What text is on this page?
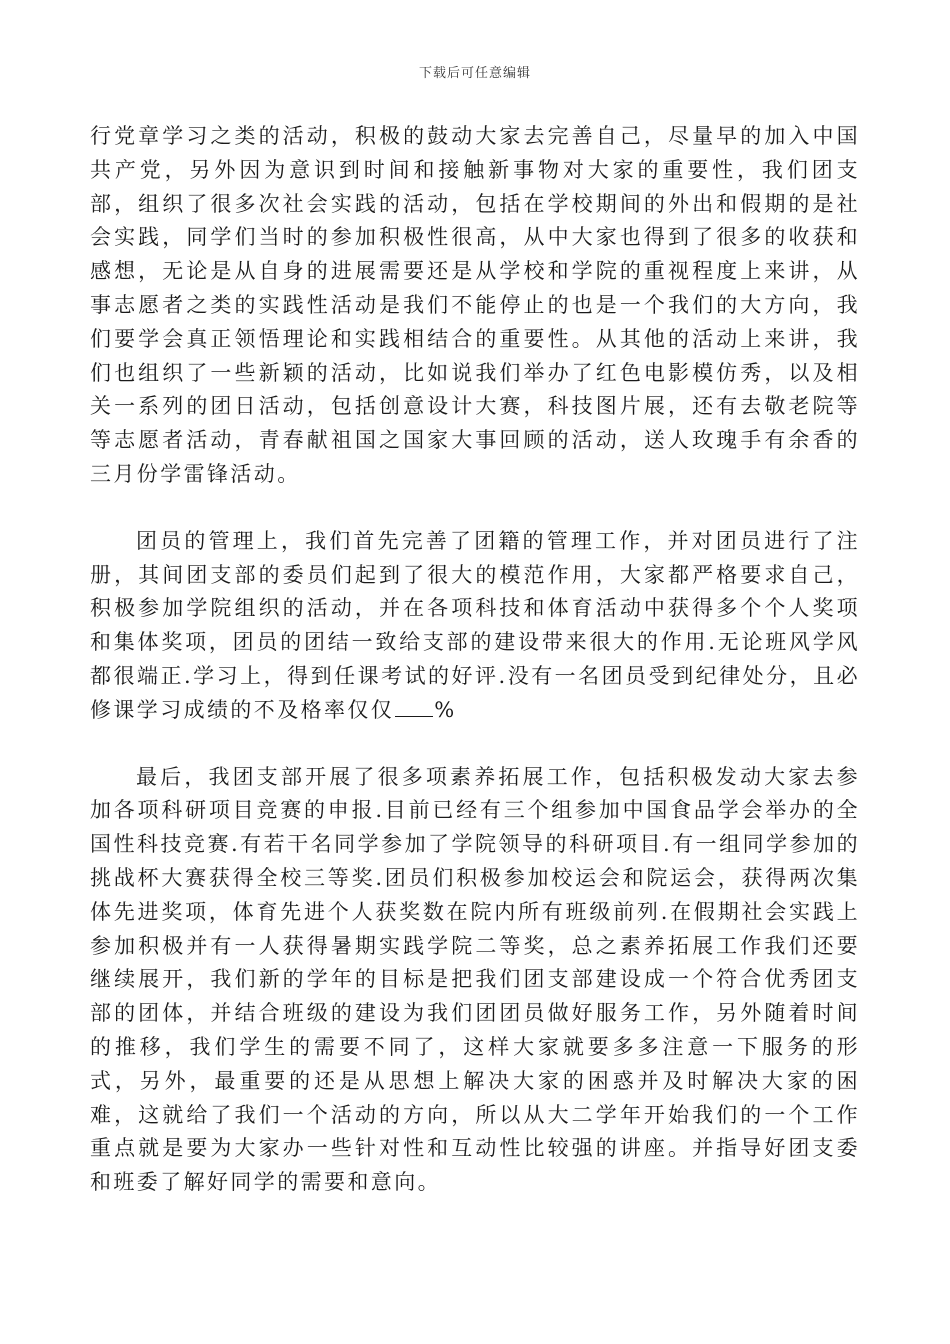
下载后可任意编辑

行党章学习之类的活动，积极的鼓动大家去完善自己，尽量早的加入中国共产党，另外因为意识到时间和接触新事物对大家的重要性，我们团支部，组织了很多次社会实践的活动，包括在学校期间的外出和假期的是社会实践，同学们当时的参加积极性很高，从中大家也得到了很多的收获和感想，无论是从自身的进展需要还是从学校和学院的重视程度上来讲，从事志愿者之类的实践性活动是我们不能停止的也是一个我们的大方向，我们要学会真正领悟理论和实践相结合的重要性。从其他的活动上来讲，我们也组织了一些新颖的活动，比如说我们举办了红色电影模仿秀，以及相关一系列的团日活动，包括创意设计大赛，科技图片展，还有去敬老院等等志愿者活动，青春献祖国之国家大事回顾的活动，送人玫瑰手有余香的三月份学雷锋活动。

团员的管理上，我们首先完善了团籍的管理工作，并对团员进行了注册，其间团支部的委员们起到了很大的模范作用，大家都严格要求自己，积极参加学院组织的活动，并在各项科技和体育活动中获得多个个人奖项和集体奖项，团员的团结一致给支部的建设带来很大的作用.无论班风学风都很端正.学习上，得到任课考试的好评.没有一名团员受到纪律处分，且必修课学习成绩的不及格率仅仅 %

最后，我团支部开展了很多项素养拓展工作，包括积极发动大家去参加各项科研项目竞赛的申报.目前已经有三个组参加中国食品学会举办的全国性科技竞赛.有若干名同学参加了学院领导的科研项目.有一组同学参加的挑战杯大赛获得全校三等奖.团员们积极参加校运会和院运会，获得两次集体先进奖项，体育先进个人获奖数在院内所有班级前列.在假期社会实践上参加积极并有一人获得暑期实践学院二等奖，总之素养拓展工作我们还要继续展开，我们新的学年的目标是把我们团支部建设成一个符合优秀团支部的团体，并结合班级的建设为我们团团员做好服务工作，另外随着时间的推移，我们学生的需要不同了，这样大家就要多多注意一下服务的形式，另外，最重要的还是从思想上解决大家的困惑并及时解决大家的困难，这就给了我们一个活动的方向，所以从大二学年开始我们的一个工作重点就是要为大家办一些针对性和互动性比较强的讲座。并指导好团支委和班委了解好同学的需要和意向。
